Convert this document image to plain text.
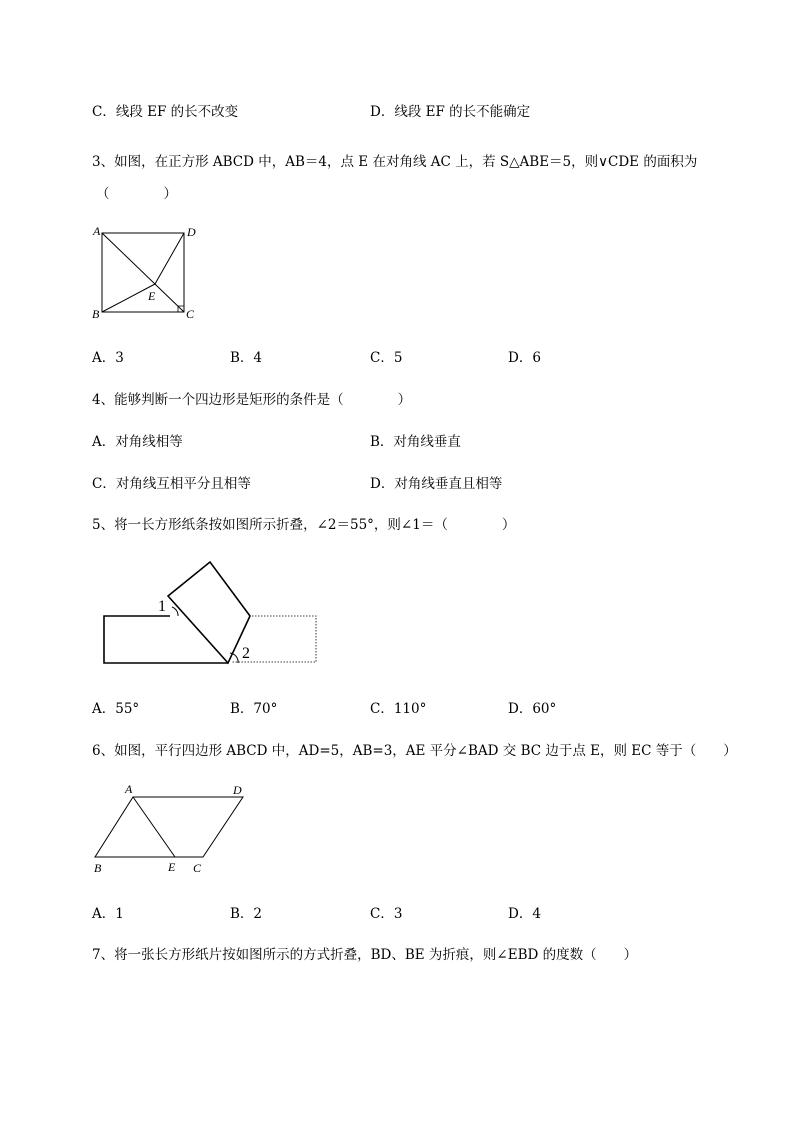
C．线段 EF 的长不改变	D．线段 EF 的长不能确定
3、如图，在正方形 ABCD 中，AB＝4，点 E 在对角线 AC 上，若 S△ABE＝5，则∨CDE 的面积为
（　　　　）
A	D
B	C
E
A．3	B．4	C．5	D．6
4、能够判断一个四边形是矩形的条件是（　　　　）
A．对角线相等	B．对角线垂直
C．对角线互相平分且相等	D．对角线垂直且相等
5、将一长方形纸条按如图所示折叠，∠2＝55°，则∠1＝（　　　　）
1
2
A．55°	B．70°	C．110°	D．60°
6、如图，平行四边形 ABCD 中，AD=5，AB=3，AE 平分∠BAD 交 BC 边于点 E，则 EC 等于（　　）
A	D
B	E C
A．1	B．2	C．3	D．4
7、将一张长方形纸片按如图所示的方式折叠，BD、BE 为折痕，则∠EBD 的度数（　　）
